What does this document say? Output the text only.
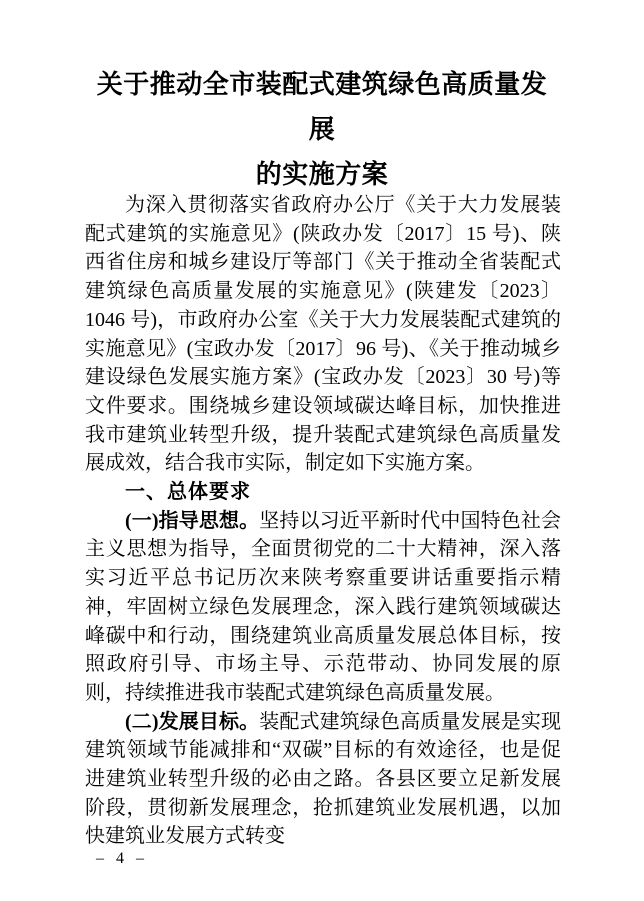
关于推动全市装配式建筑绿色高质量发展
的实施方案

为深入贯彻落实省政府办公厅《关于大力发展装配式建筑的实施意见》(陕政办发〔2017〕15 号)、陕西省住房和城乡建设厅等部门《关于推动全省装配式建筑绿色高质量发展的实施意见》(陕建发〔2023〕1046 号)，市政府办公室《关于大力发展装配式建筑的实施意见》(宝政办发〔2017〕96 号)、《关于推动城乡建设绿色发展实施方案》(宝政办发〔2023〕30 号)等文件要求。围绕城乡建设领域碳达峰目标，加快推进我市建筑业转型升级，提升装配式建筑绿色高质量发展成效，结合我市实际，制定如下实施方案。

一、总体要求

(一)指导思想。坚持以习近平新时代中国特色社会主义思想为指导，全面贯彻党的二十大精神，深入落实习近平总书记历次来陕考察重要讲话重要指示精神，牢固树立绿色发展理念，深入践行建筑领域碳达峰碳中和行动，围绕建筑业高质量发展总体目标，按照政府引导、市场主导、示范带动、协同发展的原则，持续推进我市装配式建筑绿色高质量发展。

(二)发展目标。装配式建筑绿色高质量发展是实现建筑领域节能减排和“双碳”目标的有效途径，也是促进建筑业转型升级的必由之路。各县区要立足新发展阶段，贯彻新发展理念，抢抓建筑业发展机遇，以加快建筑业发展方式转变

– 4 –
